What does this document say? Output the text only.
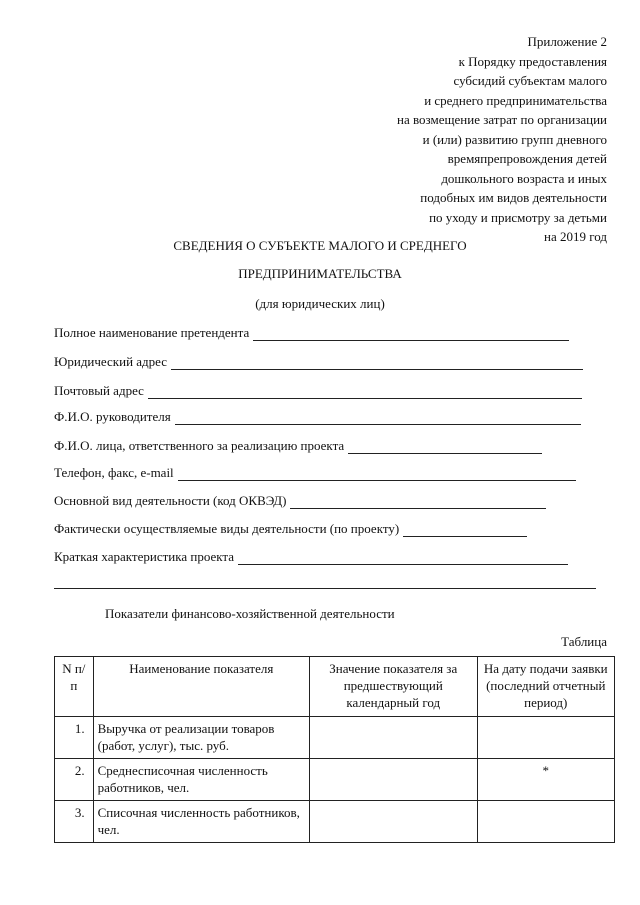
Приложение 2
к Порядку предоставления
субсидий субъектам малого
и среднего предпринимательства
на возмещение затрат по организации
и (или) развитию групп дневного
времяпрепровождения детей
дошкольного возраста и иных
подобных им видов деятельности
по уходу и присмотру за детьми
на 2019 год
СВЕДЕНИЯ О СУБЪЕКТЕ МАЛОГО И СРЕДНЕГО
ПРЕДПРИНИМАТЕЛЬСТВА
(для юридических лиц)
Полное наименование претендента
Юридический адрес
Почтовый адрес
Ф.И.О. руководителя
Ф.И.О. лица, ответственного за реализацию проекта
Телефон, факс, e-mail
Основной вид деятельности (код ОКВЭД)
Фактически осуществляемые виды деятельности (по проекту)
Краткая характеристика проекта
Показатели финансово-хозяйственной деятельности
Таблица
N п/п	Наименование показателя	Значение показателя за предшествующий календарный год	На дату подачи заявки (последний отчетный период)
1.	Выручка от реализации товаров (работ, услуг), тыс. руб.		
2.	Среднесписочная численность работников, чел.		*
3.	Списочная численность работников, чел.		
